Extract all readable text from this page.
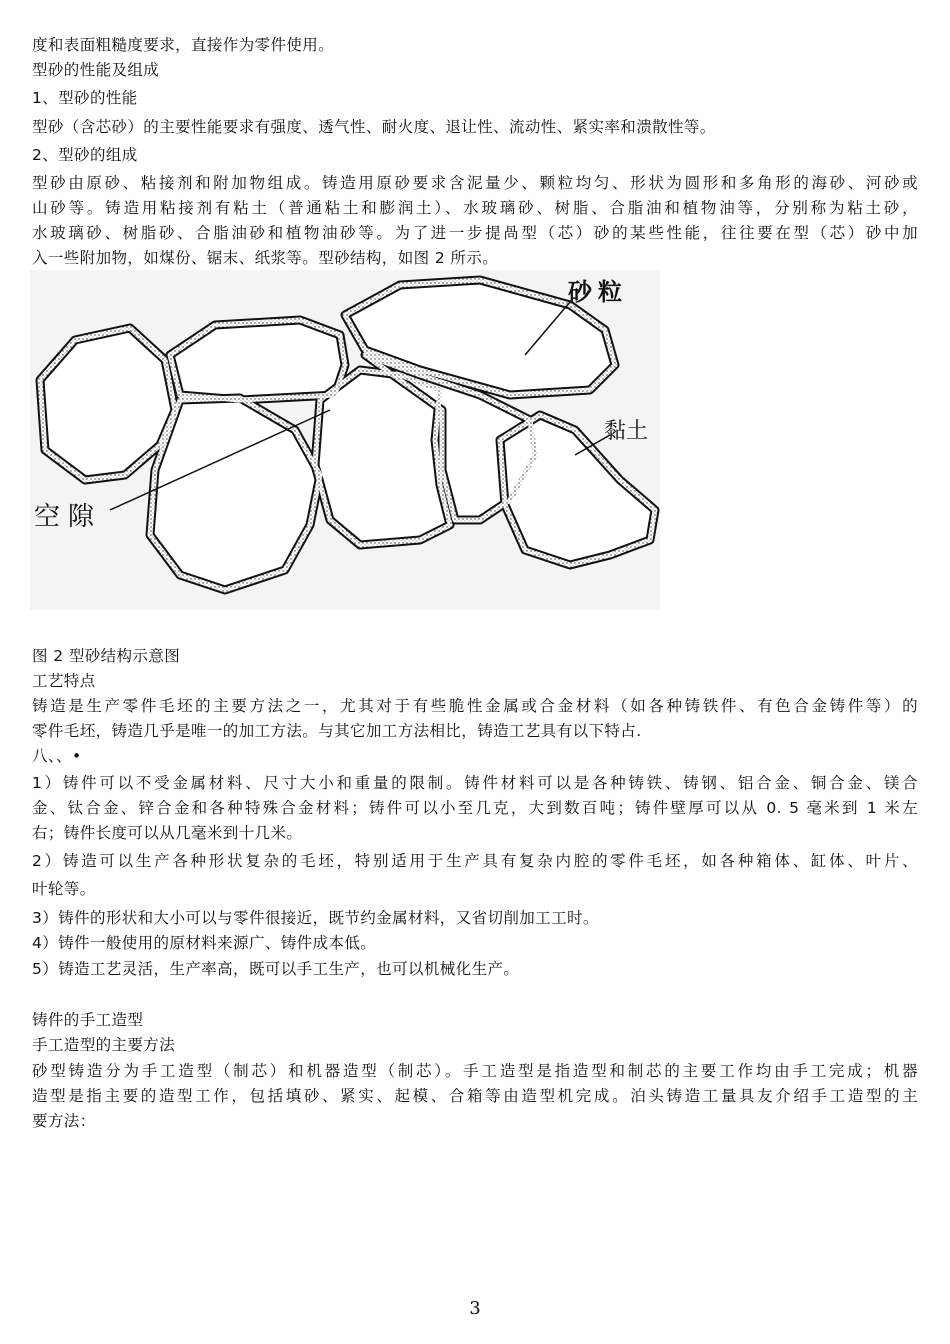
度和表面粗糙度要求，直接作为零件使用。
型砂的性能及组成
1、型砂的性能
型砂（含芯砂）的主要性能要求有强度、透气性、耐火度、退让性、流动性、紧实率和溃散性等。
2、型砂的组成
型砂由原砂、粘接剂和附加物组成。铸造用原砂要求含泥量少、颗粒均匀、形状为圆形和多角形的海砂、河砂或
山砂等。铸造用粘接剂有粘土（普通粘土和膨润土）、水玻璃砂、树脂、合脂油和植物油等，分别称为粘土砂，
水玻璃砂、树脂砂、合脂油砂和植物油砂等。为了进一步提咼型（芯）砂的某些性能，往往要在型（芯）砂中加
入一些附加物，如煤份、锯末、纸浆等。型砂结构，如图 2 所示。
砂粒
黏土
空隙
图 2 型砂结构示意图
工艺特点
铸造是生产零件毛坯的主要方法之一，尤其对于有些脆性金属或合金材料（如各种铸铁件、有色合金铸件等）的
零件毛坯，铸造几乎是唯一的加工方法。与其它加工方法相比，铸造工艺具有以下特占.
八、、•
1）铸件可以不受金属材料、尺寸大小和重量的限制。铸件材料可以是各种铸铁、铸钢、铝合金、铜合金、镁合
金、钛合金、锌合金和各种特殊合金材料；铸件可以小至几克，大到数百吨；铸件壁厚可以从 0. 5 毫米到 1 米左
右；铸件长度可以从几毫米到十几米。
2）铸造可以生产各种形状复杂的毛坯，特别适用于生产具有复杂内腔的零件毛坯，如各种箱体、缸体、叶片、
叶轮等。
3）铸件的形状和大小可以与零件很接近，既节约金属材料，又省切削加工工时。
4）铸件一般使用的原材料来源广、铸件成本低。
5）铸造工艺灵活，生产率高，既可以手工生产，也可以机械化生产。
铸件的手工造型
手工造型的主要方法
砂型铸造分为手工造型（制芯）和机器造型（制芯）。手工造型是指造型和制芯的主要工作均由手工完成；机器
造型是指主要的造型工作，包括填砂、紧实、起模、合箱等由造型机完成。泊头铸造工量具友介绍手工造型的主
要方法：
3
